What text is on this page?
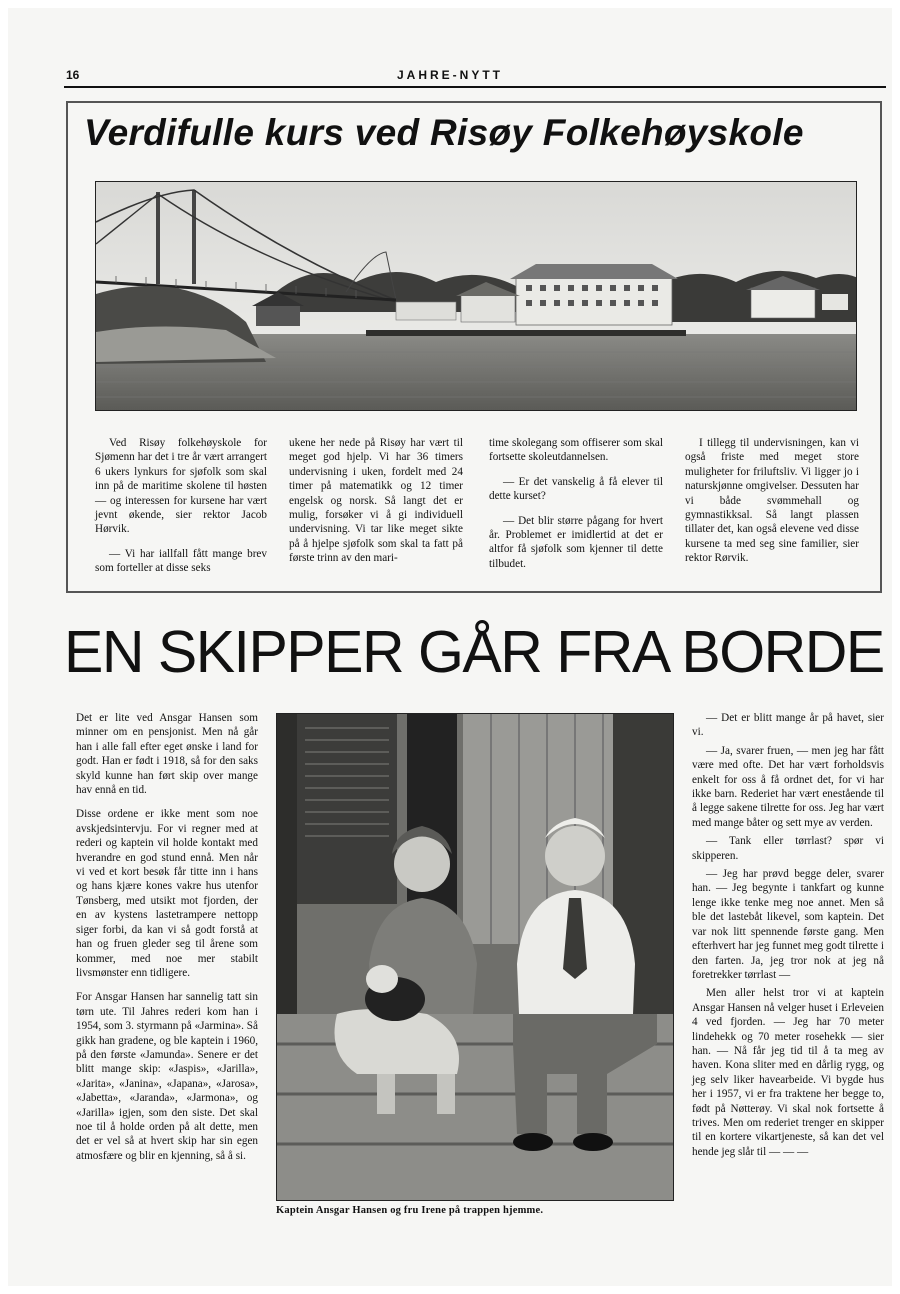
16	JAHRE-NYTT
Verdifulle kurs ved Risøy Folkehøyskole

Ved Risøy folkehøyskole for Sjømenn har det i tre år vært arrangert 6 ukers lynkurs for sjøfolk som skal inn på de maritime skolene til høsten — og interessen for kursene har vært jevnt økende, sier rektor Jacob Hørvik.

— Vi har iallfall fått mange brev som forteller at disse seks

ukene her nede på Risøy har vært til meget god hjelp. Vi har 36 timers undervisning i uken, fordelt med 24 timer på matematikk og 12 timer engelsk og norsk. Så langt det er mulig, forsøker vi å gi individuell undervisning. Vi tar like meget sikte på å hjelpe sjøfolk som skal ta fatt på første trinn av den mari-

time skolegang som offiserer som skal fortsette skoleutdannelsen.

— Er det vanskelig å få elever til dette kurset?

— Det blir større pågang for hvert år. Problemet er imidlertid at det er altfor få sjøfolk som kjenner til dette tilbudet.

I tillegg til undervisningen, kan vi også friste med meget store muligheter for friluftsliv. Vi ligger jo i naturskjønne omgivelser. Dessuten har vi både svømmehall og gymnastikksal. Så langt plassen tillater det, kan også elevene ved disse kursene ta med seg sine familier, sier rektor Rørvik.

EN SKIPPER GÅR FRA BORDE

Det er lite ved Ansgar Hansen som minner om en pensjonist. Men nå går han i alle fall efter eget ønske i land for godt. Han er født i 1918, så for den saks skyld kunne han ført skip over mange hav ennå en tid.

Disse ordene er ikke ment som noe avskjedsintervju. For vi regner med at rederi og kaptein vil holde kontakt med hverandre en god stund ennå. Men når vi ved et kort besøk får titte inn i hans og hans kjære kones vakre hus utenfor Tønsberg, med utsikt mot fjorden, der en av kystens lastetrampere nettopp siger forbi, da kan vi så godt forstå at han og fruen gleder seg til årene som kommer, med noe mer stabilt livsmønster enn tidligere.

For Ansgar Hansen har sannelig tatt sin tørn ute. Til Jahres rederi kom han i 1954, som 3. styrmann på «Jarmina». Så gikk han gradene, og ble kaptein i 1960, på den første «Jamunda». Senere er det blitt mange skip: «Jaspis», «Jarilla», «Jarita», «Janina», «Japana», «Jarosa», «Jabetta», «Jaranda», «Jarmona», og «Jarilla» igjen, som den siste. Det skal noe til å holde orden på alt dette, men det er vel så at hvert skip har sin egen atmosfære og blir en kjenning, så å si.

Kaptein Ansgar Hansen og fru Irene på trappen hjemme.

— Det er blitt mange år på havet, sier vi.

— Ja, svarer fruen, — men jeg har fått være med ofte. Det har vært forholdsvis enkelt for oss å få ordnet det, for vi har ikke barn. Rederiet har vært enestående til å legge sakene tilrette for oss. Jeg har vært med mange båter og sett mye av verden.

— Tank eller tørrlast? spør vi skipperen.

— Jeg har prøvd begge deler, svarer han. — Jeg begynte i tankfart og kunne lenge ikke tenke meg noe annet. Men så ble det lastebåt likevel, som kaptein. Det var nok litt spennende første gang. Men efterhvert har jeg funnet meg godt tilrette i den farten. Ja, jeg tror nok at jeg nå foretrekker tørrlast —

Men aller helst tror vi at kaptein Ansgar Hansen nå velger huset i Erleveien 4 ved fjorden. — Jeg har 70 meter lindehekk og 70 meter rosehekk — sier han. — Nå får jeg tid til å ta meg av haven. Kona sliter med en dårlig rygg, og jeg selv liker havearbeide. Vi bygde hus her i 1957, vi er fra traktene her begge to, født på Nøtterøy. Vi skal nok fortsette å trives. Men om rederiet trenger en skipper til en kortere vikartjeneste, så kan det vel hende jeg slår til — — —
